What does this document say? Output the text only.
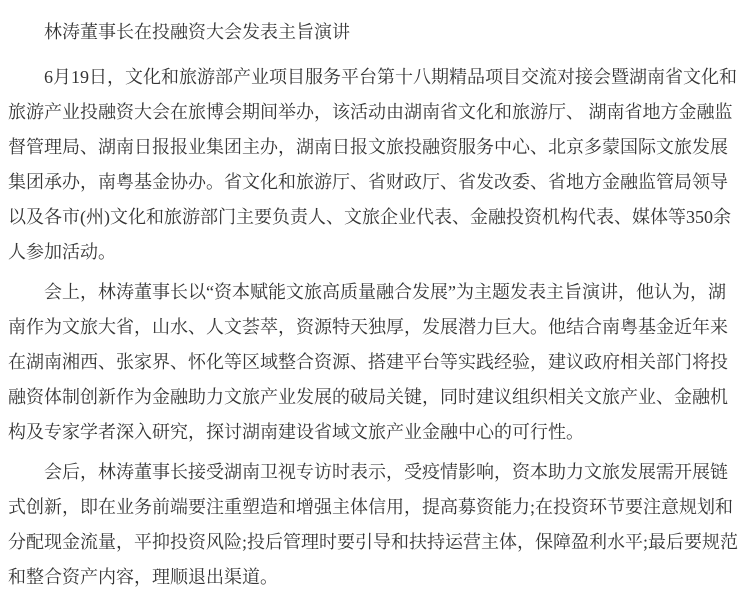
林涛董事长在投融资大会发表主旨演讲

6月19日，文化和旅游部产业项目服务平台第十八期精品项目交流对接会暨湖南省文化和旅游产业投融资大会在旅博会期间举办，该活动由湖南省文化和旅游厅、 湖南省地方金融监督管理局、湖南日报报业集团主办，湖南日报文旅投融资服务中心、北京多蒙国际文旅发展集团承办，南粤基金协办。省文化和旅游厅、省财政厅、省发改委、省地方金融监管局领导以及各市(州)文化和旅游部门主要负责人、文旅企业代表、金融投资机构代表、媒体等350余人参加活动。

会上，林涛董事长以“资本赋能文旅高质量融合发展”为主题发表主旨演讲，他认为，湖南作为文旅大省，山水、人文荟萃，资源特天独厚，发展潜力巨大。他结合南粤基金近年来在湖南湘西、张家界、怀化等区域整合资源、搭建平台等实践经验，建议政府相关部门将投融资体制创新作为金融助力文旅产业发展的破局关键，同时建议组织相关文旅产业、金融机构及专家学者深入研究，探讨湖南建设省域文旅产业金融中心的可行性。

会后，林涛董事长接受湖南卫视专访时表示，受疫情影响，资本助力文旅发展需开展链式创新，即在业务前端要注重塑造和增强主体信用，提高募资能力;在投资环节要注意规划和分配现金流量，平抑投资风险;投后管理时要引导和扶持运营主体，保障盈利水平;最后要规范和整合资产内容，理顺退出渠道。
